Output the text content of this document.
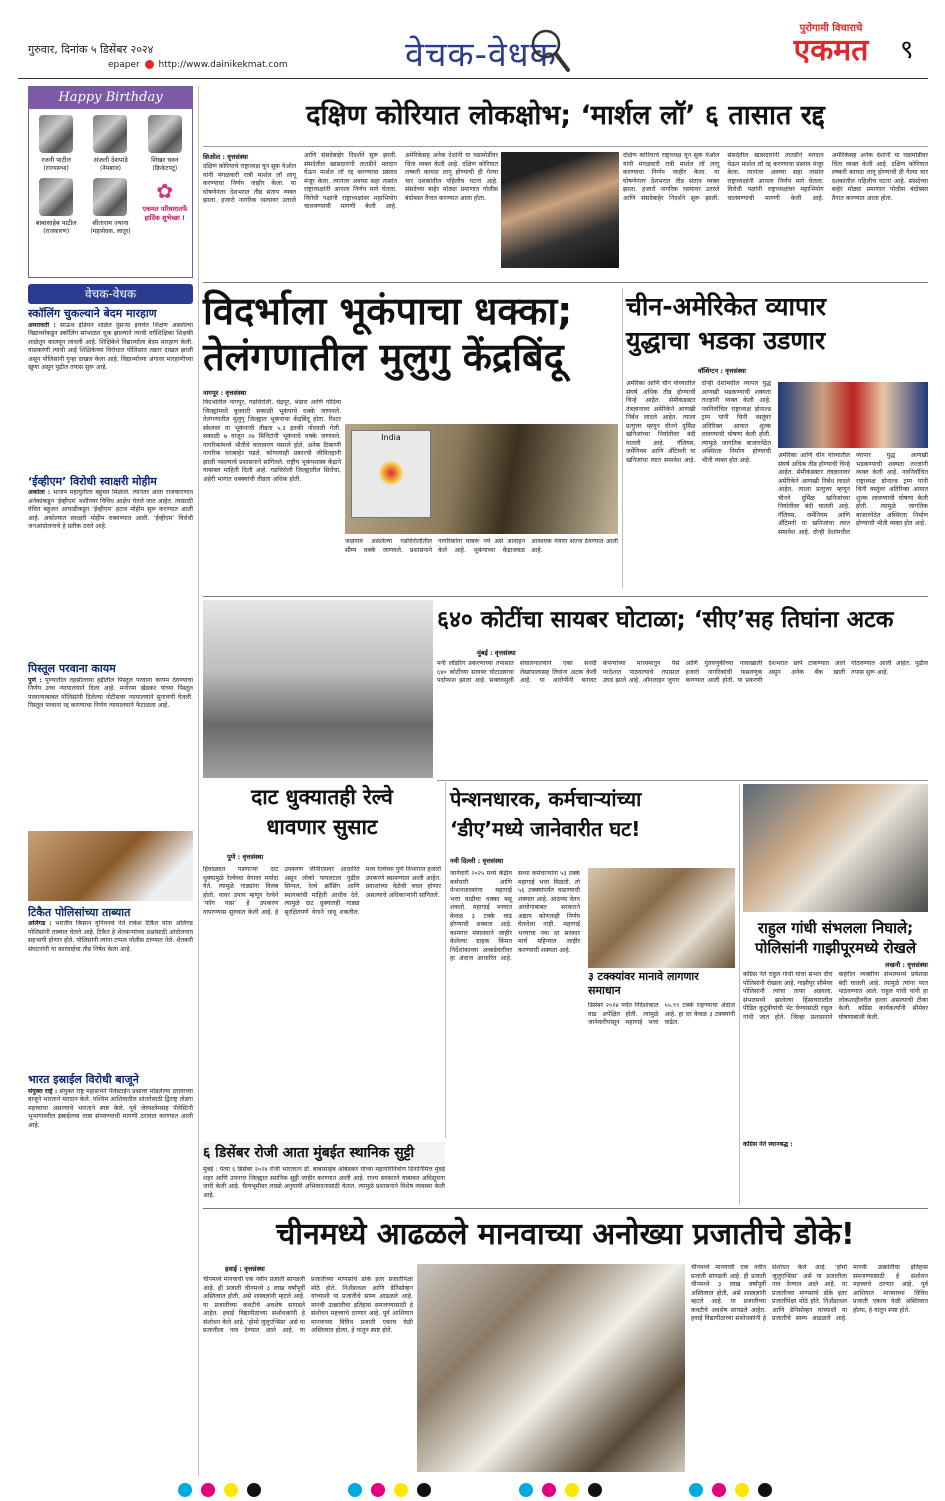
गुरुवार, दिनांक ५ डिसेंबर २०२४
epaper http://www.dainikekmat.com	वेचक-वेधक
पुरोगामी विचाराचे
एकमत	९
Happy Birthday
रजनी पाटील
(राज्यसभा)
अंजली देशपांडे
(नेमबाज)
शिखर धवन
(क्रिकेटपटू)
बाबासाहेब पाटील
(राजकारण)
सीताराम ज्याना
(महासेवक, लातूर)
✿
एकमत परिवारातर्फे हार्दिक शुभेच्छा !
वेचक-वेधक
स्कॉलिंग चुकल्याने बेदम मारहाण
अमरावती : साऊथ इंडियन शाळेत दुसऱ्या इयत्तेत शिक्षण असलेल्या विद्यार्थ्याकडून स्कॉलिंग सांभाळत चूक झाल्याने त्याची वर्गशिक्षिका शिक्षकी शाळेतून कालवून लावली आहे. शिक्षिकेने विद्यार्थ्याला बेदम मारहाण केली. याप्रकरणी त्याची आई शिक्षिकेच्या विरोधात पोलिसात तक्रार दाखल झाली असून पोलिसांनी गुन्हा दाखल केला आहे. विद्यार्थ्याच्या अंगावर मारहाणीच्या खुणा असून पुढील तपास सुरू आहे.
‘ईव्हीएम’ विरोधी स्वाक्षरी मोहीम
अकोला : भाजप महायुतीला बहुमत मिळाले. त्यानंतर आता राजकारणात अनेकांकडून ‘ईव्हीएम’ मशीनवर विविध आक्षेप घेतले जात आहेत. त्यासाठी वंचित बहुजन आघाडीकडून ‘ईव्हीएम’ हटाव मोहीम सुरू करण्यात आली आहे. अकोल्यात स्वाक्षरी मोहीम राबवण्यात आली. ‘ईव्हीएम’ विरोधी जनआंदोलनाचे हे प्रतीक ठरले आहे.
पिस्तूल परवाना कायम
पुणे : पुण्यातील तहसीलच्या हद्दीतील पिस्तूल परवाना कायम ठेवण्याचा निर्णय उच्च न्यायालयाने दिला आहे. मनोरमा खेडकर यांच्या पिस्तूल परवान्याबाबत पोलिसांनी दिलेल्या नोटीसवर न्यायालयाने सुनावणी घेतली. पिस्तूल परवाना रद्द करण्याचा निर्णय न्यायालयाने फेटाळला आहे.
टिकैत पोलिसांच्या ताब्यात
अलिगड : भारतीय किसान युनियनचे नेते राकेश टिकैत यांना अलिगड पोलिसांनी ताब्यात घेतले आहे. टिकैत हे शेतकऱ्यांच्या प्रश्नांसाठी आंदोलनात सहभागी होणार होते. पोलिसांनी त्यांना टप्पल पोलीस ठाण्यात नेले. शेतकरी संघटनांनी या कारवाईचा तीव्र निषेध केला आहे.
भारत इस्राईल विरोधी बाजूने
संयुक्त राष्ट्रे : संयुक्त राष्ट्र महासभेने पॅलेस्टाईन प्रश्नावर मांडलेल्या ठरावाच्या बाजूने भारताने मतदान केले. पश्चिम आशियातील शांततेसाठी द्विराष्ट्र तोडगा महत्त्वाचा असल्याचे भारताने स्पष्ट केले. पूर्व जेरुसलेमसह पॅलेस्टिनी भूभागावरील इस्राईलचा ताबा संपवण्याची मागणी ठरावात करण्यात आली आहे.
दक्षिण कोरियात लोकक्षोभ; ‘मार्शल लॉ’ ६ तासात रद्द
सिओल : वृत्तसंस्था
दक्षिण कोरियाचे राष्ट्राध्यक्ष यून सुक येओल यांनी मंगळवारी रात्री मार्शल लॉ लागू करण्याचा निर्णय जाहीर केला. या घोषणेनंतर देशभरात तीव्र संताप व्यक्त झाला. हजारो नागरिक रस्त्यावर उतरले आणि संसदेबाहेर निदर्शने सुरू झाली. संसदेतील खासदारांनी तातडीने मतदान घेऊन मार्शल लॉ रद्द करण्याचा प्रस्ताव मंजूर केला. त्यानंतर अवघ्या सहा तासांत राष्ट्राध्यक्षांनी आपला निर्णय मागे घेतला. विरोधी पक्षांनी राष्ट्राध्यक्षांवर महाभियोग चालवण्याची मागणी केली आहे. अमेरिकेसह अनेक देशांनी या घडामोडींवर चिंता व्यक्त केली आहे. दक्षिण कोरियात लष्करी कायदा लागू होण्याची ही गेल्या चार दशकांतील पहिलीच घटना आहे. संसदेच्या बाहेर मोठ्या प्रमाणात पोलीस बंदोबस्त तैनात करण्यात आला होता.
दक्षिण कोरियाचे राष्ट्राध्यक्ष यून सुक येओल यांनी मंगळवारी रात्री मार्शल लॉ लागू करण्याचा निर्णय जाहीर केला. या घोषणेनंतर देशभरात तीव्र संताप व्यक्त झाला. हजारो नागरिक रस्त्यावर उतरले आणि संसदेबाहेर निदर्शने सुरू झाली. संसदेतील खासदारांनी तातडीने मतदान घेऊन मार्शल लॉ रद्द करण्याचा प्रस्ताव मंजूर केला. त्यानंतर अवघ्या सहा तासांत राष्ट्राध्यक्षांनी आपला निर्णय मागे घेतला. विरोधी पक्षांनी राष्ट्राध्यक्षांवर महाभियोग चालवण्याची मागणी केली आहे. अमेरिकेसह अनेक देशांनी या घडामोडींवर चिंता व्यक्त केली आहे. दक्षिण कोरियात लष्करी कायदा लागू होण्याची ही गेल्या चार दशकांतील पहिलीच घटना आहे. संसदेच्या बाहेर मोठ्या प्रमाणात पोलीस बंदोबस्त तैनात करण्यात आला होता.
विदर्भाला भूकंपाचा धक्का;
तेलंगणातील मुलुगु केंद्रबिंदू
नागपूर : वृत्तसंस्था
विदर्भातील नागपूर, गडचिरोली, चंद्रपूर, भंडारा आणि गोंदिया जिल्ह्यांमध्ये बुधवारी सकाळी भूकंपाचे धक्के जाणवले. तेलंगणातील मुलुगु जिल्ह्यात भूकंपाचा केंद्रबिंदू होता. रिश्टर स्केलवर या भूकंपाची तीव्रता ५.३ इतकी नोंदवली गेली. सकाळी ७ वाजून २७ मिनिटांनी भूकंपाचे धक्के जाणवले. नागरिकांमध्ये भीतीचे वातावरण पसरले होते. अनेक ठिकाणी नागरिक घराबाहेर पडले. कोणत्याही प्रकारची जीवितहानी झाली नसल्याचे प्रशासनाने सांगितले. राष्ट्रीय भूकंपशास्त्र केंद्राने याबाबत माहिती दिली आहे. गडचिरोली जिल्ह्यातील सिरोंचा, अहेरी भागात धक्क्यांची तीव्रता अधिक होती.
India
जळगाव असलेल्या गडचिरोलीतील सौम्य धक्के जाणवले. प्रशासनाने नागरिकांना घाबरू नये असे आवाहन केले आहे. भूकंपाच्या केंद्राजवळ आवश्यक यंत्रणा सज्ज ठेवण्यात आली आहे.
चीन-अमेरिकेत व्यापार
युद्धाचा भडका उडणार
वॉशिंग्टन : वृत्तसंस्था
अमेरिका आणि चीन यांच्यातील संघर्ष अधिक तीव्र होण्याची चिन्हे आहेत. सेमीकंडक्टर तंत्रज्ञानावर अमेरिकेने आणखी निर्बंध लादले आहेत. त्याला प्रत्युत्तर म्हणून चीनने दुर्मिळ खनिजांच्या निर्यातीवर बंदी घातली आहे. गॅलियम, जर्मेनियम आणि अँटिमनी या खनिजांचा त्यात समावेश आहे. दोन्ही देशांमधील व्यापार युद्ध आणखी भडकण्याची शक्यता तज्ज्ञांनी व्यक्त केली आहे. नवनिर्वाचित राष्ट्राध्यक्ष डोनाल्ड ट्रम्प यांनी चिनी वस्तूंवर अतिरिक्त आयात शुल्क लावण्याची घोषणा केली होती. त्यामुळे जागतिक बाजारपेठेत अस्थिरता निर्माण होण्याची भीती व्यक्त होत आहे.
अमेरिका आणि चीन यांच्यातील संघर्ष अधिक तीव्र होण्याची चिन्हे आहेत. सेमीकंडक्टर तंत्रज्ञानावर अमेरिकेने आणखी निर्बंध लादले आहेत. त्याला प्रत्युत्तर म्हणून चीनने दुर्मिळ खनिजांच्या निर्यातीवर बंदी घातली आहे. गॅलियम, जर्मेनियम आणि अँटिमनी या खनिजांचा त्यात समावेश आहे. दोन्ही देशांमधील व्यापार युद्ध आणखी भडकण्याची शक्यता तज्ज्ञांनी व्यक्त केली आहे. नवनिर्वाचित राष्ट्राध्यक्ष डोनाल्ड ट्रम्प यांनी चिनी वस्तूंवर अतिरिक्त आयात शुल्क लावण्याची घोषणा केली होती. त्यामुळे जागतिक बाजारपेठेत अस्थिरता निर्माण होण्याची भीती व्यक्त होत आहे.
६४० कोटींचा सायबर घोटाळा; ‘सीए’सह तिघांना अटक
मुंबई : वृत्तसंस्था
मनी लाँडरिंग प्रकरणाच्या तपासात ६४० कोटींच्या सायबर घोटाळ्याचा पर्दाफाश झाला आहे. सक्तवसुली संचालनालयाने एका सनदी लेखापालासह तिघांना अटक केली आहे. या आरोपींनी बनावट कंपन्यांच्या माध्यमातून पैसे परदेशात पाठवल्याचे तपासात उघड झाले आहे. ऑनलाइन जुगार आणि गुंतवणुकीच्या नावाखाली हजारो नागरिकांची फसवणूक करण्यात आली होती. या प्रकरणी देशभरात छापे टाकण्यात आले असून अनेक बँक खाती गोठवण्यात आली आहेत. पुढील तपास सुरू आहे.
दाट धुक्यातही रेल्वे
धावणार सुसाट
पुणे : वृत्तसंस्था
हिवाळ्यात पडणाऱ्या दाट धुक्यामुळे रेल्वेच्या वेगावर मर्यादा येते. त्यामुळे गाड्यांना विलंब होतो. यावर उपाय म्हणून रेल्वेने ‘फॉग पास’ हे उपकरण वापरण्यास सुरुवात केली आहे. हे उपकरण जीपीएसवर आधारित असून लोको पायलटला पुढील सिग्नल, रेल्वे क्रॉसिंग आणि स्थानकांची माहिती आधीच देते. त्यामुळे दाट धुक्यातही गाड्या सुरक्षितपणे वेगाने धावू शकतील. मध्य रेल्वेच्या पुणे विभागात हजारो उपकरणे बसवण्यात आली आहेत. प्रवाशांच्या वेळेची बचत होणार असल्याचे अधिकाऱ्यांनी सांगितले.
पेन्शनधारक, कर्मचाऱ्यांच्या
‘डीए’मध्ये जानेवारीत घट!
नवी दिल्ली : वृत्तसंस्था
जानेवारी २०२५ मध्ये केंद्रीय कर्मचारी आणि पेन्शनधारकांना महागाई भत्ता वाढीचा धक्का बसू शकतो. महागाई भत्त्यात केवळ ३ टक्के वाढ होण्याची शक्यता आहे. कामगार मंत्रालयाने जाहीर केलेल्या ग्राहक किंमत निर्देशांकाच्या आकडेवारीवर हा अंदाज आधारित आहे. सध्या कर्मचाऱ्यांना ५३ टक्के महागाई भत्ता मिळतो. तो ५६ टक्क्यांपर्यंत वाढण्याची शक्यता आहे. आठव्या वेतन आयोगाबाबत सरकारने अद्याप कोणताही निर्णय घेतलेला नाही. महागाई भत्त्याचा नवा दर सरकार मार्च महिन्यात जाहीर करण्याची शक्यता आहे.
३ टक्क्यांवर मानावे लागणार समाधान
डिसेंबर २०२४ पर्यंत निर्देशांकात वाढ अपेक्षित होती. त्यामुळे जानेवारीपासून महागाई भत्ता ५५.९९ टक्के राहण्याचा अंदाज आहे. हा दर केवळ ३ टक्क्यांनी वाढेल.
राहुल गांधी संभलला निघाले;
पोलिसांनी गाझीपूरमध्ये रोखले
लखनौ : वृत्तसंस्था
काँग्रेस नेते राहुल गांधी यांचा संभल दौरा पोलिसांनी रोखला आहे. गाझीपूर सीमेवर पोलिसांनी त्यांचा ताफा अडवला. संभलमध्ये झालेल्या हिंसाचारातील पीडित कुटुंबीयांची भेट घेण्यासाठी राहुल गांधी जात होते. जिल्हा प्रशासनाने बाहेरील व्यक्तींना संभलमध्ये प्रवेशास बंदी घातली आहे. त्यामुळे त्यांना परत पाठवण्यात आले. राहुल गांधी यांनी हा लोकशाहीवरील हल्ला असल्याची टीका केली. काँग्रेस कार्यकर्त्यांनी सीमेवर घोषणाबाजी केली.
काँग्रेस नेते स्थानबद्ध :
६ डिसेंबर रोजी आता मुंबईत स्थानिक सुट्टी
मुंबई : येत्या ६ डिसेंबर २०२४ रोजी भारतरत्न डॉ. बाबासाहेब आंबेडकर यांच्या महापरिनिर्वाण दिनानिमित्त मुंबई शहर आणि उपनगर जिल्ह्यात स्थानिक सुट्टी जाहीर करण्यात आली आहे. राज्य सरकारने याबाबत अधिसूचना जारी केली आहे. चैत्यभूमीवर लाखो अनुयायी अभिवादनासाठी येतात. त्यामुळे प्रशासनाने विशेष व्यवस्था केली आहे.
चीनमध्ये आढळले मानवाच्या अनोख्या प्रजातीचे डोके!
हवाई : वृत्तसंस्था
चीनमध्ये मानवाची एक नवीन प्रजाती सापडली आहे. ही प्रजाती चीनमध्ये ३ लाख वर्षांपूर्वी अस्तित्वात होती, असे शास्त्रज्ञांनी म्हटले आहे. या प्रजातीच्या कवटीचे अवशेष सापडले आहेत. हवाई विद्यापीठाच्या संशोधकांनी हे संशोधन केले आहे. ‘होमो जुलुएन्सिस’ असे या प्रजातीला नाव देण्यात आले आहे. या प्रजातीच्या माणसांचे डोके इतर प्रजातींपेक्षा मोठे होते. निअँडरथल आणि डेनिसोव्हन यांच्याशी या प्रजातीचे साम्य आढळले आहे. मानवी उत्क्रांतीचा इतिहास समजण्यासाठी हे संशोधन महत्त्वाचे ठरणार आहे. पूर्व आशियात मानवाच्या विविध प्रजाती एकाच वेळी अस्तित्वात होत्या, हे यातून स्पष्ट होते.
चीनमध्ये मानवाची एक नवीन प्रजाती सापडली आहे. ही प्रजाती चीनमध्ये ३ लाख वर्षांपूर्वी अस्तित्वात होती, असे शास्त्रज्ञांनी म्हटले आहे. या प्रजातीच्या कवटीचे अवशेष सापडले आहेत. हवाई विद्यापीठाच्या संशोधकांनी हे संशोधन केले आहे. ‘होमो जुलुएन्सिस’ असे या प्रजातीला नाव देण्यात आले आहे. या प्रजातीच्या माणसांचे डोके इतर प्रजातींपेक्षा मोठे होते. निअँडरथल आणि डेनिसोव्हन यांच्याशी या प्रजातीचे साम्य आढळले आहे. मानवी उत्क्रांतीचा इतिहास समजण्यासाठी हे संशोधन महत्त्वाचे ठरणार आहे. पूर्व आशियात मानवाच्या विविध प्रजाती एकाच वेळी अस्तित्वात होत्या, हे यातून स्पष्ट होते.
